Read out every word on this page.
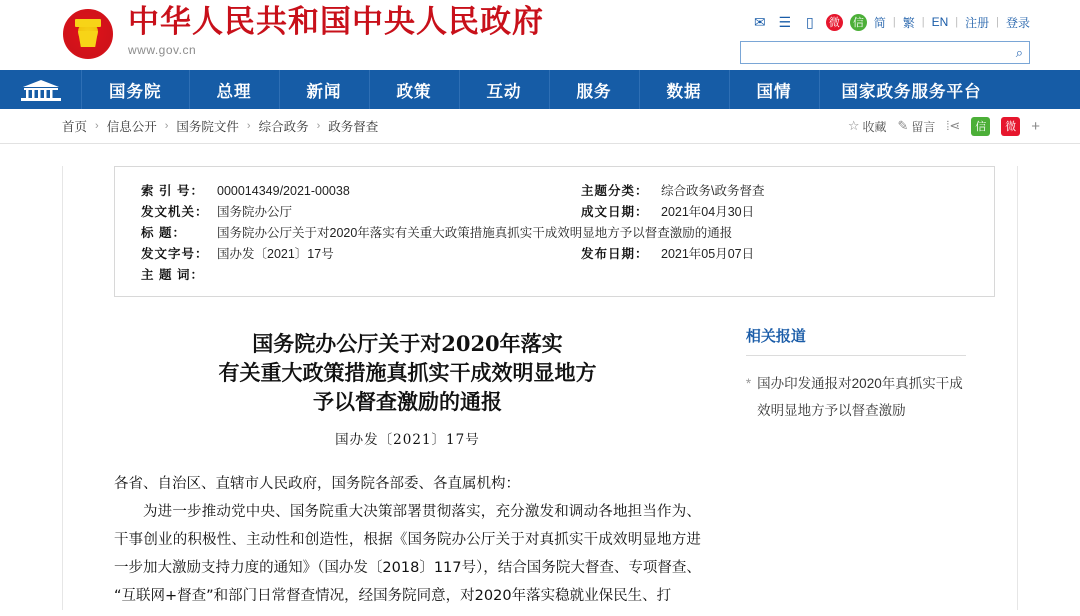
中华人民共和国中央人民政府
www.gov.cn
✉ ☰	▯	微 信 简 | 繁 | EN | 注册 | 登录
⌕
国务院	总理	新闻	政策	互动	服务	数据	国情	国家政务服务平台
首页 › 信息公开 › 国务院文件 › 综合政务 › 政务督查	☆ 收藏 ✎ 留言 ⦙⋖	信	微 +
索 引 号：	000014349/2021-00038	主题分类： 综合政务\政务督查
发文机关： 国务院办公厅	成文日期： 2021年04月30日
标 题：	国务院办公厅关于对2020年落实有关重大政策措施真抓实干成效明显地方予以督查激励的通报
发文字号： 国办发〔2021〕17号	发布日期： 2021年05月07日
主 题 词：
国务院办公厅关于对2020年落实
有关重大政策措施真抓实干成效明显地方
予以督查激励的通报
国办发〔2021〕17号

各省、自治区、直辖市人民政府，国务院各部委、各直属机构：

为进一步推动党中央、国务院重大决策部署贯彻落实，充分激发和调动各地担当作为、干事创业的积极性、主动性和创造性，根据《国务院办公厅关于对真抓实干成效明显地方进一步加大激励支持力度的通知》（国办发〔2018〕117号），结合国务院大督查、专项督查、“互联网+督查”和部门日常督查情况，经国务院同意，对2020年落实稳就业保民生、打

相关报道
* 国办印发通报对2020年真抓实干成效明显地方予以督查激励
